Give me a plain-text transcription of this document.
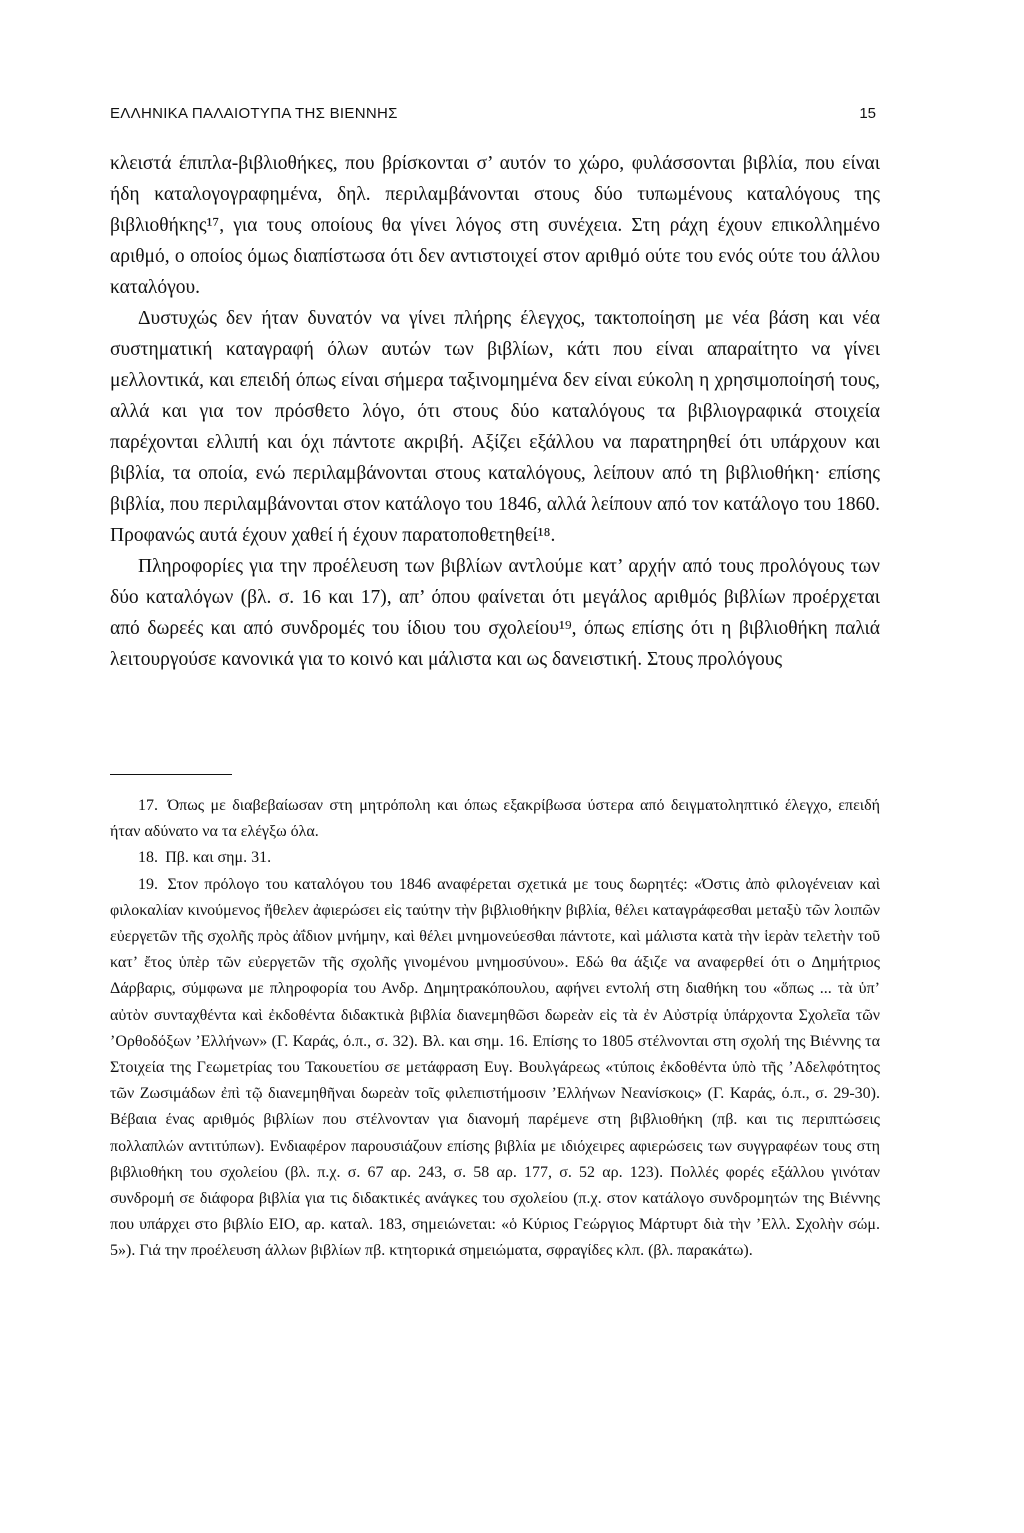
ΕΛΛΗΝΙΚΑ ΠΑΛΑΙΟΤΥΠΑ ΤΗΣ ΒΙΕΝΝΗΣ	15

κλειστά έπιπλα-βιβλιοθήκες, που βρίσκονται σ’ αυτόν το χώρο, φυλάσσονται βιβλία, που είναι ήδη καταλογογραφημένα, δηλ. περιλαμβάνονται στους δύο τυπωμένους καταλόγους της βιβλιοθήκης¹⁷, για τους οποίους θα γίνει λόγος στη συνέχεια. Στη ράχη έχουν επικολλημένο αριθμό, ο οποίος όμως διαπίστωσα ότι δεν αντιστοιχεί στον αριθμό ούτε του ενός ούτε του άλλου καταλόγου.

Δυστυχώς δεν ήταν δυνατόν να γίνει πλήρης έλεγχος, τακτοποίηση με νέα βάση και νέα συστηματική καταγραφή όλων αυτών των βιβλίων, κάτι που είναι απαραίτητο να γίνει μελλοντικά, και επειδή όπως είναι σήμερα ταξινομημένα δεν είναι εύκολη η χρησιμοποίησή τους, αλλά και για τον πρόσθετο λόγο, ότι στους δύο καταλόγους τα βιβλιογραφικά στοιχεία παρέχονται ελλιπή και όχι πάντοτε ακριβή. Αξίζει εξάλλου να παρατηρηθεί ότι υπάρχουν και βιβλία, τα οποία, ενώ περιλαμβάνονται στους καταλόγους, λείπουν από τη βιβλιοθήκη· επίσης βιβλία, που περιλαμβάνονται στον κατάλογο του 1846, αλλά λείπουν από τον κατάλογο του 1860. Προφανώς αυτά έχουν χαθεί ή έχουν παρατοποθετηθεί¹⁸.

Πληροφορίες για την προέλευση των βιβλίων αντλούμε κατ’ αρχήν από τους προλόγους των δύο καταλόγων (βλ. σ. 16 και 17), απ’ όπου φαίνεται ότι μεγάλος αριθμός βιβλίων προέρχεται από δωρεές και από συνδρομές του ίδιου του σχολείου¹⁹, όπως επίσης ότι η βιβλιοθήκη παλιά λειτουργούσε κανονικά για το κοινό και μάλιστα και ως δανειστική. Στους προλόγους

17. Όπως με διαβεβαίωσαν στη μητρόπολη και όπως εξακρίβωσα ύστερα από δειγματοληπτικό έλεγχο, επειδή ήταν αδύνατο να τα ελέγξω όλα.

18. Πβ. και σημ. 31.

19. Στον πρόλογο του καταλόγου του 1846 αναφέρεται σχετικά με τους δωρητές: «Όστις ἀπὸ φιλογένειαν καὶ φιλοκαλίαν κινούμενος ἤθελεν ἀφιερώσει εἰς ταύτην τὴν βιβλιοθήκην βιβλία, θέλει καταγράφεσθαι μεταξὺ τῶν λοιπῶν εὐεργετῶν τῆς σχολῆς πρὸς ἀΐδιον μνήμην, καὶ θέλει μνημονεύεσθαι πάντοτε, καὶ μάλιστα κατὰ τὴν ἱερὰν τελετὴν τοῦ κατ’ ἔτος ὑπὲρ τῶν εὐεργετῶν τῆς σχολῆς γινομένου μνημοσύνου». Εδώ θα άξιζε να αναφερθεί ότι ο Δημήτριος Δάρβαρις, σύμφωνα με πληροφορία του Ανδρ. Δημητρακόπουλου, αφήνει εντολή στη διαθήκη του «ὅπως ... τὰ ὑπ’ αὐτὸν συνταχθέντα καὶ ἐκδοθέντα διδακτικὰ βιβλία διανεμηθῶσι δωρεὰν εἰς τὰ ἐν Αὐστρίᾳ ὑπάρχοντα Σχολεῖα τῶν ’Ορθοδόξων ’Ελλήνων» (Γ. Καράς, ό.π., σ. 32). Βλ. και σημ. 16. Επίσης το 1805 στέλνονται στη σχολή της Βιέννης τα Στοιχεία της Γεωμετρίας του Τακουετίου σε μετάφραση Ευγ. Βουλγάρεως «τύποις ἐκδοθέντα ὑπὸ τῆς ’Αδελφότητος τῶν Ζωσιμάδων ἐπὶ τῷ διανεμηθῆναι δωρεὰν τοῖς φιλεπιστήμοσιν ’Ελλήνων Νεανίσκοις» (Γ. Καράς, ό.π., σ. 29-30). Βέβαια ένας αριθμός βιβλίων που στέλνονταν για διανομή παρέμενε στη βιβλιοθήκη (πβ. και τις περιπτώσεις πολλαπλών αντιτύπων). Ενδιαφέρον παρουσιάζουν επίσης βιβλία με ιδιόχειρες αφιερώσεις των συγγραφέων τους στη βιβλιοθήκη του σχολείου (βλ. π.χ. σ. 67 αρ. 243, σ. 58 αρ. 177, σ. 52 αρ. 123). Πολλές φορές εξάλλου γινόταν συνδρομή σε διάφορα βιβλία για τις διδακτικές ανάγκες του σχολείου (π.χ. στον κατάλογο συνδρομητών της Βιέννης που υπάρχει στο βιβλίο ΕΙΟ, αρ. καταλ. 183, σημειώνεται: «ὁ Κύριος Γεώργιος Μάρτυρτ διὰ τὴν ’Ελλ. Σχολὴν σώμ. 5»). Γιά την προέλευση άλλων βιβλίων πβ. κτητορικά σημειώματα, σφραγίδες κλπ. (βλ. παρακάτω).
